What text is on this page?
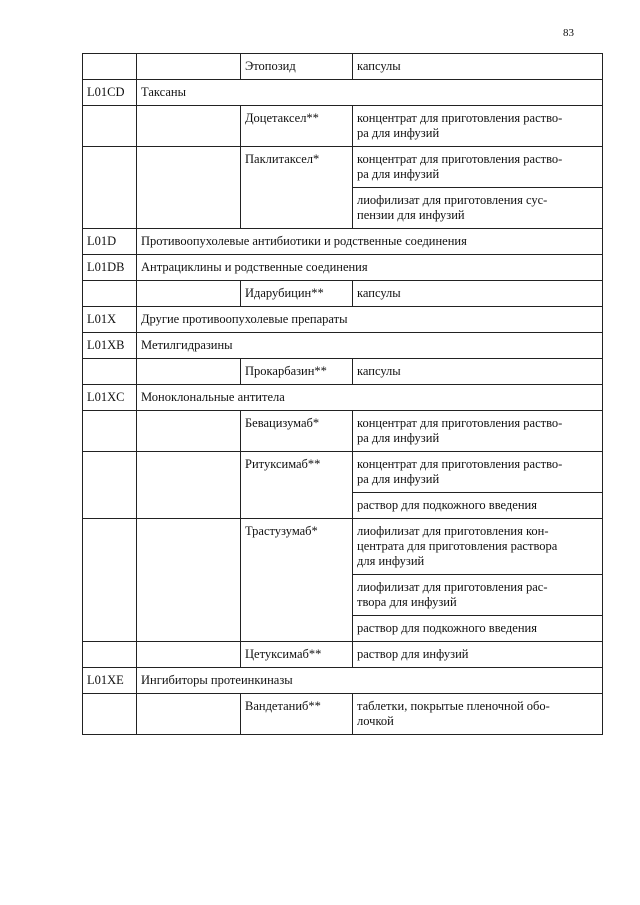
83
		Этопозид	капсулы
L01CD	Таксаны		
		Доцетаксел**	концентрат для приготовления раство-
ра для инфузий
		Паклитаксел*	концентрат для приготовления раство-
ра для инфузий
			лиофилизат для приготовления сус-
пензии для инфузий
L01D	Противоопухолевые антибиотики и родственные соединения		
L01DB	Антрациклины и родственные соединения		
		Идарубицин**	капсулы
L01X	Другие противоопухолевые препараты		
L01XB	Метилгидразины		
		Прокарбазин**	капсулы
L01XC	Моноклональные антитела		
		Бевацизумаб*	концентрат для приготовления раство-
ра для инфузий
		Ритуксимаб**	концентрат для приготовления раство-
ра для инфузий
			раствор для подкожного введения
		Трастузумаб*	лиофилизат для приготовления кон-
центрата для приготовления раствора
для инфузий
			лиофилизат для приготовления рас-
твора для инфузий
			раствор для подкожного введения
		Цетуксимаб**	раствор для инфузий
L01XE	Ингибиторы протеинкиназы		
		Вандетаниб**	таблетки, покрытые пленочной обо-
лочкой
